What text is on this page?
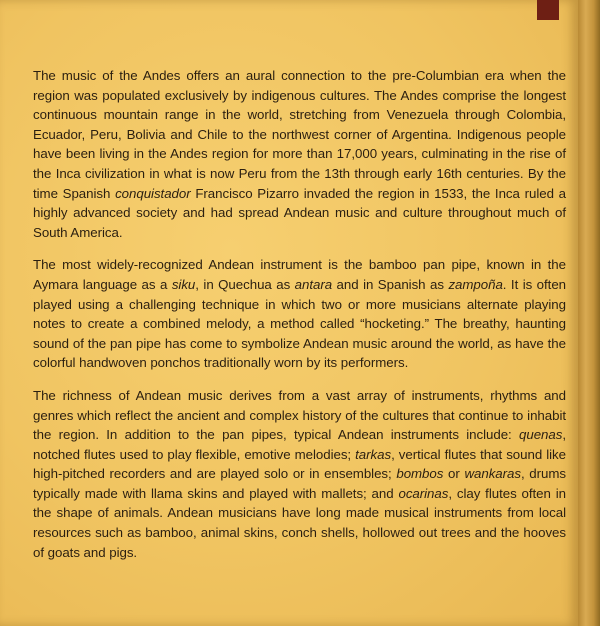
The music of the Andes offers an aural connection to the pre-Columbian era when the region was populated exclusively by indigenous cultures. The Andes comprise the longest continuous mountain range in the world, stretching from Venezuela through Colombia, Ecuador, Peru, Bolivia and Chile to the northwest corner of Argentina. Indigenous people have been living in the Andes region for more than 17,000 years, culminating in the rise of the Inca civilization in what is now Peru from the 13th through early 16th centuries. By the time Spanish conquistador Francisco Pizarro invaded the region in 1533, the Inca ruled a highly advanced society and had spread Andean music and culture throughout much of South America.

The most widely-recognized Andean instrument is the bamboo pan pipe, known in the Aymara language as a siku, in Quechua as antara and in Spanish as zampoña. It is often played using a challenging technique in which two or more musicians alternate playing notes to create a combined melody, a method called “hocketing.” The breathy, haunting sound of the pan pipe has come to symbolize Andean music around the world, as have the colorful handwoven ponchos traditionally worn by its performers.

The richness of Andean music derives from a vast array of instruments, rhythms and genres which reflect the ancient and complex history of the cultures that continue to inhabit the region. In addition to the pan pipes, typical Andean instruments include: quenas, notched flutes used to play flexible, emotive melodies; tarkas, vertical flutes that sound like high-pitched recorders and are played solo or in ensembles; bombos or wankaras, drums typically made with llama skins and played with mallets; and ocarinas, clay flutes often in the shape of animals. Andean musicians have long made musical instruments from local resources such as bamboo, animal skins, conch shells, hollowed out trees and the hooves of goats and pigs.
